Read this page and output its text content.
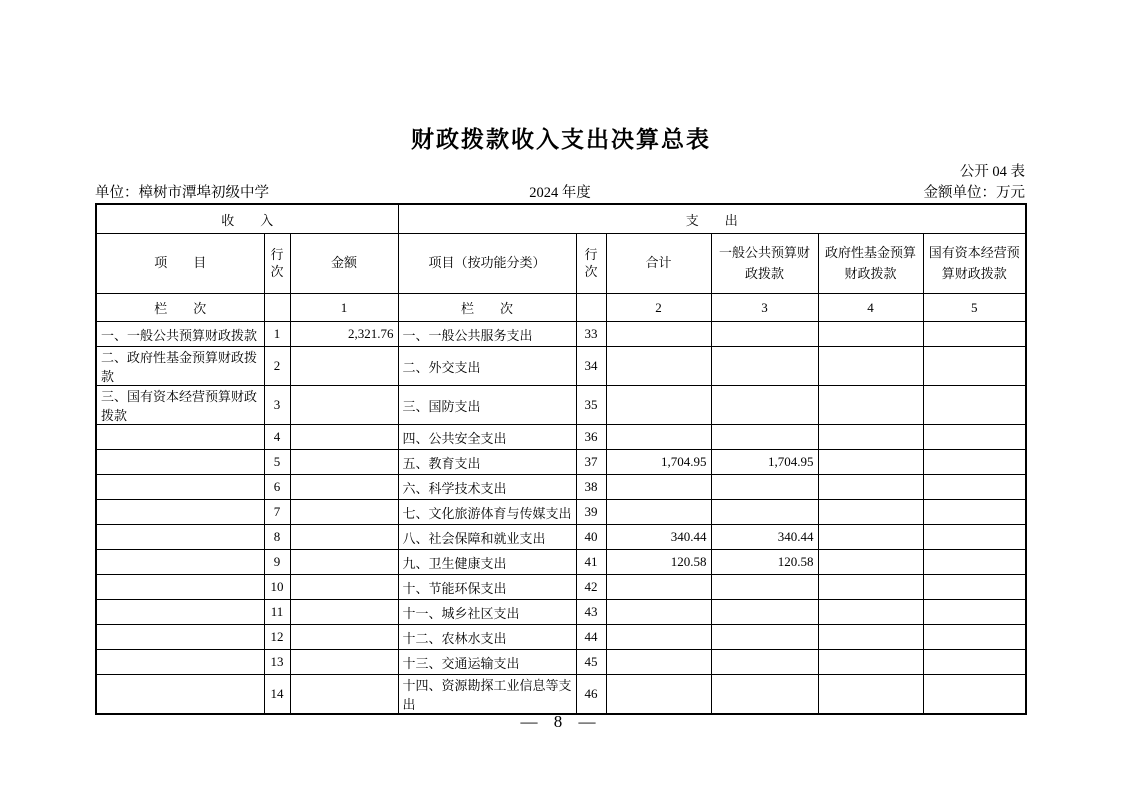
财政拨款收入支出决算总表
公开 04 表
2024 年度
单位：樟树市潭埠初级中学	金额单位：万元
收　　入			支　　出					
项　　目	行次	金额	项目（按功能分类）	行次	合计	一般公共预算财政拨款	政府性基金预算财政拨款	国有资本经营预算财政拨款
栏　　次		1	栏　　次		2	3	4	5
一、一般公共预算财政拨款	1	2,321.76	一、一般公共服务支出	33				
二、政府性基金预算财政拨款	2		二、外交支出	34				
三、国有资本经营预算财政拨款	3		三、国防支出	35				
	4		四、公共安全支出	36				
	5		五、教育支出	37	1,704.95	1,704.95		
	6		六、科学技术支出	38				
	7		七、文化旅游体育与传媒支出	39				
	8		八、社会保障和就业支出	40	340.44	340.44		
	9		九、卫生健康支出	41	120.58	120.58		
	10		十、节能环保支出	42				
	11		十一、城乡社区支出	43				
	12		十二、农林水支出	44				
	13		十三、交通运输支出	45				
	14		十四、资源勘探工业信息等支出	46				
— 8 —
